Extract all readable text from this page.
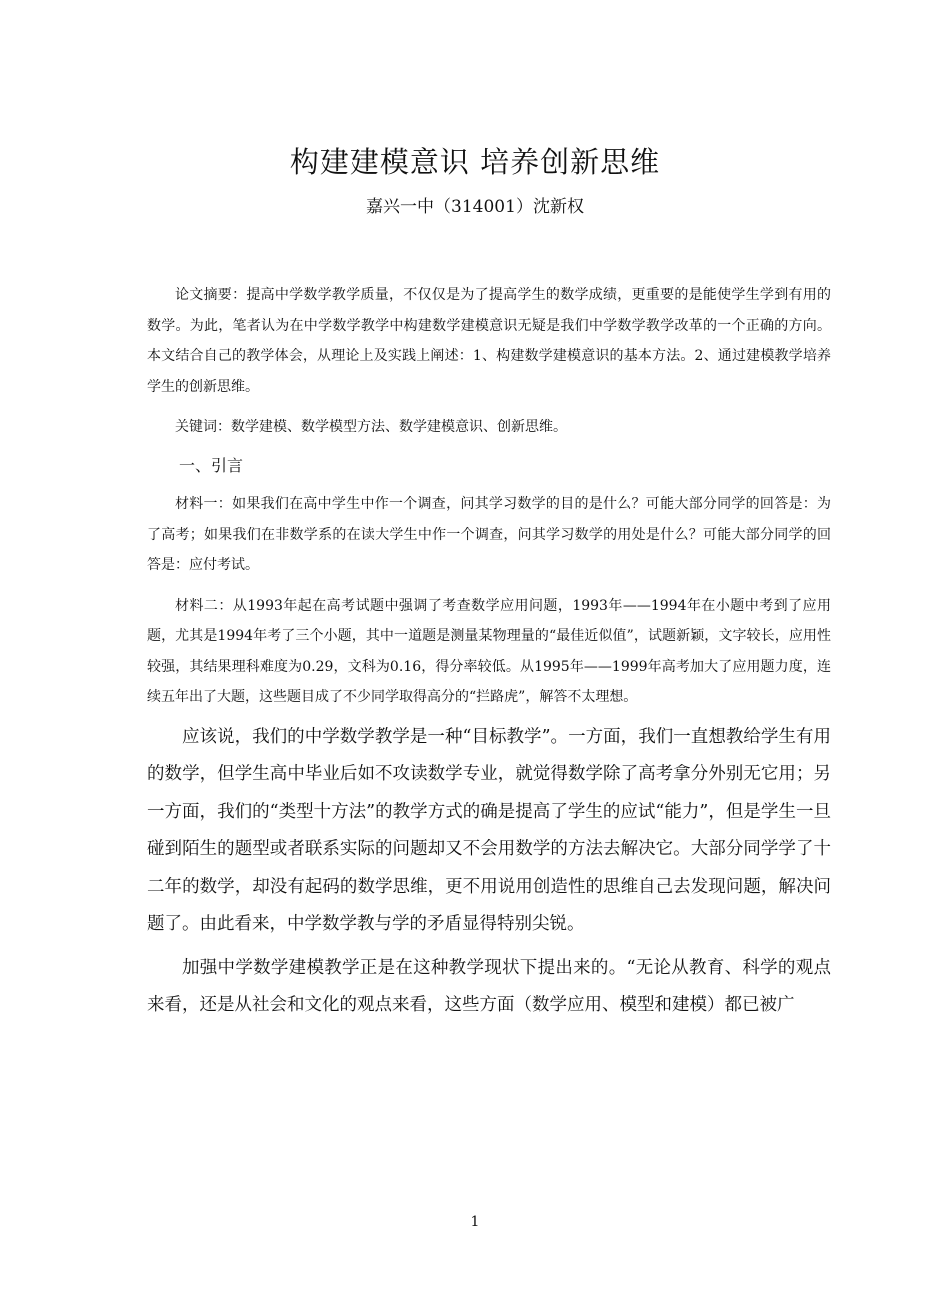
构建建模意识 培养创新思维
嘉兴一中（314001）沈新权

论文摘要：提高中学数学教学质量，不仅仅是为了提高学生的数学成绩，更重要的是能使学生学到有用的数学。为此，笔者认为在中学数学教学中构建数学建模意识无疑是我们中学数学教学改革的一个正确的方向。本文结合自己的教学体会，从理论上及实践上阐述：1、构建数学建模意识的基本方法。2、通过建模教学培养学生的创新思维。

关键词：数学建模、数学模型方法、数学建模意识、创新思维。

一、引言

材料一：如果我们在高中学生中作一个调查，问其学习数学的目的是什么？可能大部分同学的回答是：为了高考；如果我们在非数学系的在读大学生中作一个调查，问其学习数学的用处是什么？可能大部分同学的回答是：应付考试。

材料二：从1993年起在高考试题中强调了考查数学应用问题，1993年——1994年在小题中考到了应用题，尤其是1994年考了三个小题，其中一道题是测量某物理量的“最佳近似值”，试题新颖，文字较长，应用性较强，其结果理科难度为0.29，文科为0.16，得分率较低。从1995年——1999年高考加大了应用题力度，连续五年出了大题，这些题目成了不少同学取得高分的“拦路虎”，解答不太理想。

应该说，我们的中学数学教学是一种“目标教学”。一方面，我们一直想教给学生有用的数学，但学生高中毕业后如不攻读数学专业，就觉得数学除了高考拿分外别无它用；另一方面，我们的“类型十方法”的教学方式的确是提高了学生的应试“能力”，但是学生一旦碰到陌生的题型或者联系实际的问题却又不会用数学的方法去解决它。大部分同学学了十二年的数学，却没有起码的数学思维，更不用说用创造性的思维自己去发现问题，解决问题了。由此看来，中学数学教与学的矛盾显得特别尖锐。

加强中学数学建模教学正是在这种教学现状下提出来的。“无论从教育、科学的观点来看，还是从社会和文化的观点来看，这些方面（数学应用、模型和建模）都已被广

1
